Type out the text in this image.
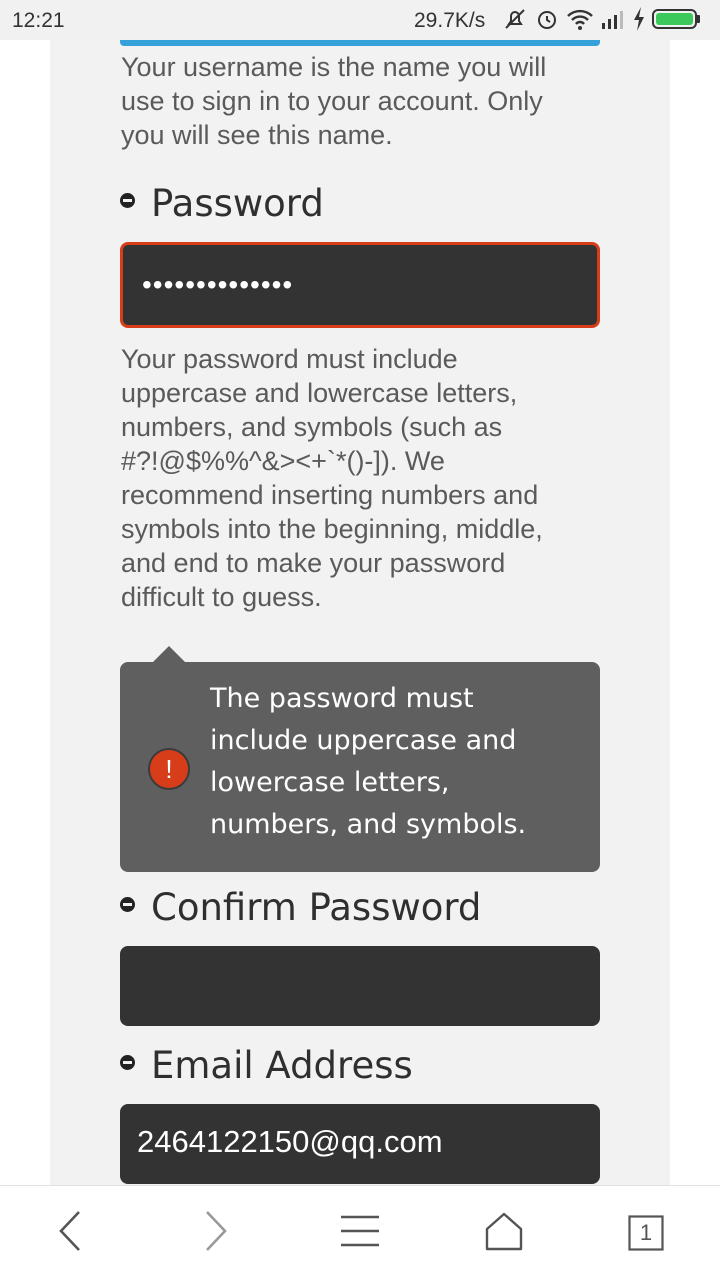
12:21	29.7K/s
Your username is the name you will use to sign in to your account. Only you will see this name.
Password
••••••••••••••
Your password must include uppercase and lowercase letters, numbers, and symbols (such as #?!@$%%^&><+`*()-]). We recommend inserting numbers and symbols into the beginning, middle, and end to make your password difficult to guess.
!
The password must include uppercase and lowercase letters, numbers, and symbols.
Confirm Password
Email Address
2464122150@qq.com
1
